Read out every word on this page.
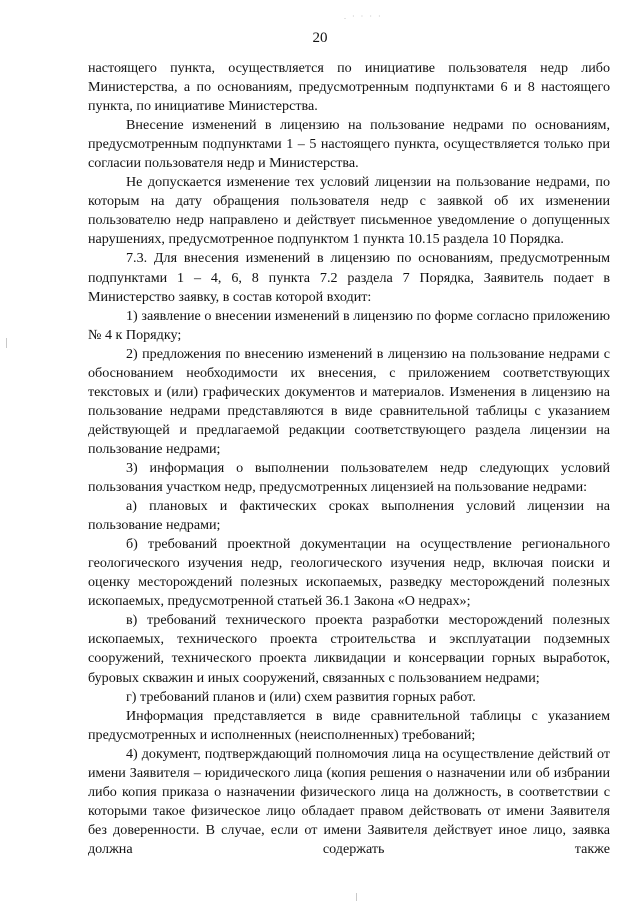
. · · · ·
20

настоящего пункта, осуществляется по инициативе пользователя недр либо Министерства, а по основаниям, предусмотренным подпунктами 6 и 8 настоящего пункта, по инициативе Министерства.

Внесение изменений в лицензию на пользование недрами по основаниям, предусмотренным подпунктами 1 – 5 настоящего пункта, осуществляется только при согласии пользователя недр и Министерства.

Не допускается изменение тех условий лицензии на пользование недрами, по которым на дату обращения пользователя недр с заявкой об их изменении пользователю недр направлено и действует письменное уведомление о допущенных нарушениях, предусмотренное подпунктом 1 пункта 10.15 раздела 10 Порядка.

7.3. Для внесения изменений в лицензию по основаниям, предусмотренным подпунктами 1 – 4, 6, 8 пункта 7.2 раздела 7 Порядка, Заявитель подает в Министерство заявку, в состав которой входит:

1) заявление о внесении изменений в лицензию по форме согласно приложению № 4 к Порядку;

2) предложения по внесению изменений в лицензию на пользование недрами с обоснованием необходимости их внесения, с приложением соответствующих текстовых и (или) графических документов и материалов. Изменения в лицензию на пользование недрами представляются в виде сравнительной таблицы с указанием действующей и предлагаемой редакции соответствующего раздела лицензии на пользование недрами;

3) информация о выполнении пользователем недр следующих условий пользования участком недр, предусмотренных лицензией на пользование недрами:

а) плановых и фактических сроках выполнения условий лицензии на пользование недрами;

б) требований проектной документации на осуществление регионального геологического изучения недр, геологического изучения недр, включая поиски и оценку месторождений полезных ископаемых, разведку месторождений полезных ископаемых, предусмотренной статьей 36.1 Закона «О недрах»;

в) требований технического проекта разработки месторождений полезных ископаемых, технического проекта строительства и эксплуатации подземных сооружений, технического проекта ликвидации и консервации горных выработок, буровых скважин и иных сооружений, связанных с пользованием недрами;

г) требований планов и (или) схем развития горных работ.

Информация представляется в виде сравнительной таблицы с указанием предусмотренных и исполненных (неисполненных) требований;

4) документ, подтверждающий полномочия лица на осуществление действий от имени Заявителя – юридического лица (копия решения о назначении или об избрании либо копия приказа о назначении физического лица на должность, в соответствии с которыми такое физическое лицо обладает правом действовать от имени Заявителя без доверенности. В случае, если от имени Заявителя действует иное лицо, заявка должна содержать также
